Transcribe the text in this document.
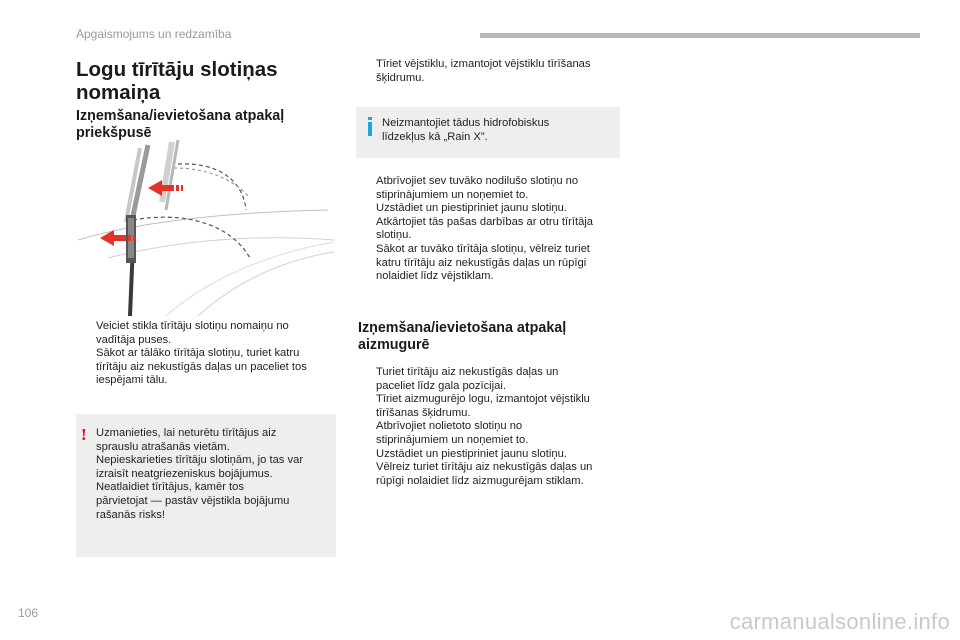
Apgaismojums un redzamība
Logu tīrītāju slotiņas
nomaiņa
Izņemšana/ievietošana atpakaļ
priekšpusē
Veiciet stikla tīrītāju slotiņu nomaiņu no
vadītāja puses.
Sākot ar tālāko tīrītāja slotiņu, turiet katru
tīrītāju aiz nekustīgās daļas un paceliet tos
iespējami tālu.
! Uzmanieties, lai neturētu tīrītājus aiz
sprauslu atrašanās vietām.
Nepieskarieties tīrītāju slotiņām, jo tas var
izraisīt neatgriezeniskus bojājumus.
Neatlaidiet tīrītājus, kamēr tos
pārvietojat — pastāv vējstikla bojājumu
rašanās risks!
Tīriet vējstiklu, izmantojot vējstiklu tīrīšanas
šķidrumu.
Neizmantojiet tādus hidrofobiskus
līdzekļus kā „Rain X”.
Atbrīvojiet sev tuvāko nodilušo slotiņu no
stiprinājumiem un noņemiet to.
Uzstādiet un piestipriniet jaunu slotiņu.
Atkārtojiet tās pašas darbības ar otru tīrītāja
slotiņu.
Sākot ar tuvāko tīrītāja slotiņu, vēlreiz turiet
katru tīrītāju aiz nekustīgās daļas un rūpīgi
nolaidiet līdz vējstiklam.
Izņemšana/ievietošana atpakaļ
aizmugurē
Turiet tīrītāju aiz nekustīgās daļas un
paceliet līdz gala pozīcijai.
Tīriet aizmugurējo logu, izmantojot vējstiklu
tīrīšanas šķidrumu.
Atbrīvojiet nolietoto slotiņu no
stiprinājumiem un noņemiet to.
Uzstādiet un piestipriniet jaunu slotiņu.
Vēlreiz turiet tīrītāju aiz nekustīgās daļas un
rūpīgi nolaidiet līdz aizmugurējam stiklam.
106	carmanualsonline.info
